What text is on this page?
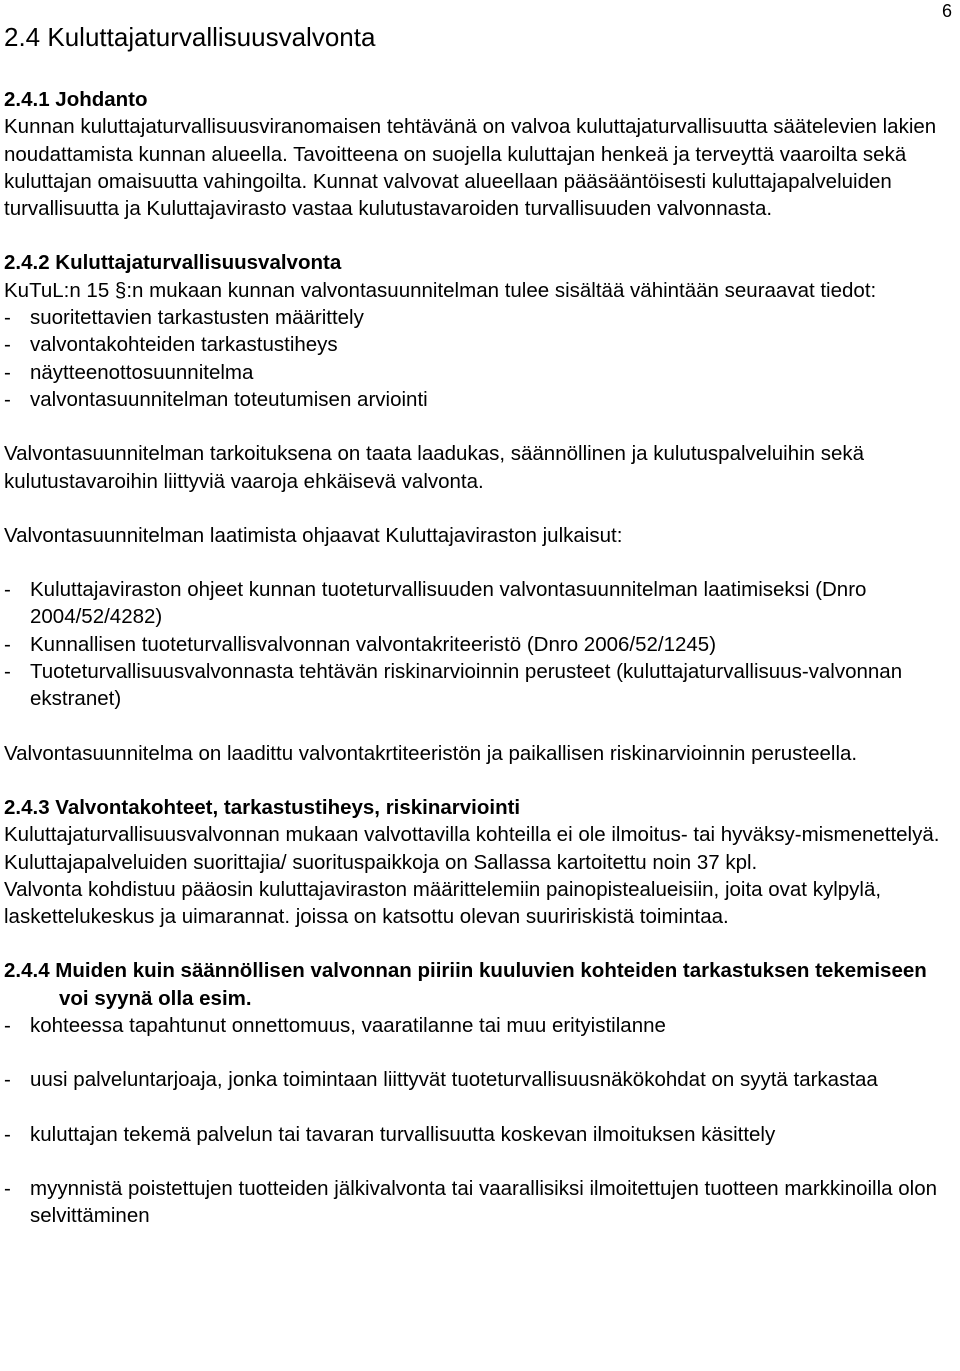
6
2.4 Kuluttajaturvallisuusvalvonta

2.4.1 Johdanto

Kunnan kuluttajaturvallisuusviranomaisen tehtävänä on valvoa kuluttajaturvallisuutta säätelevien lakien noudattamista kunnan alueella. Tavoitteena on suojella kuluttajan henkeä ja terveyttä vaaroilta sekä kuluttajan omaisuutta vahingoilta. Kunnat valvovat alueellaan pääsääntöisesti kuluttajapalveluiden turvallisuutta ja Kuluttajavirasto vastaa kulutustavaroiden turvallisuuden valvonnasta.

2.4.2 Kuluttajaturvallisuusvalvonta

KuTuL:n 15 §:n mukaan kunnan valvontasuunnitelman tulee sisältää vähintään seuraavat tiedot:

- suoritettavien tarkastusten määrittely
- valvontakohteiden tarkastustiheys
- näytteenottosuunnitelma
- valvontasuunnitelman toteutumisen arviointi

Valvontasuunnitelman tarkoituksena on taata laadukas, säännöllinen ja kulutuspalveluihin sekä kulutustavaroihin liittyviä vaaroja ehkäisevä valvonta.

Valvontasuunnitelman laatimista ohjaavat Kuluttajaviraston julkaisut:

- Kuluttajaviraston ohjeet kunnan tuoteturvallisuuden valvontasuunnitelman laatimiseksi (Dnro 2004/52/4282)
- Kunnallisen tuoteturvallisvalvonnan valvontakriteeristö (Dnro 2006/52/1245)
- Tuoteturvallisuusvalvonnasta tehtävän riskinarvioinnin perusteet (kuluttajaturvallisuus-valvonnan ekstranet)

Valvontasuunnitelma on laadittu valvontakrtiteeristön ja paikallisen riskinarvioinnin perusteella.

2.4.3 Valvontakohteet, tarkastustiheys, riskinarviointi

Kuluttajaturvallisuusvalvonnan mukaan valvottavilla kohteilla ei ole ilmoitus- tai hyväksy-mismenettelyä. Kuluttajapalveluiden suorittajia/ suorituspaikkoja on Sallassa kartoitettu noin 37 kpl.

Valvonta kohdistuu pääosin kuluttajaviraston määrittelemiin painopistealueisiin, joita ovat kylpylä, laskettelukeskus ja uimarannat. joissa on katsottu olevan suuririskistä toimintaa.

2.4.4 Muiden kuin säännöllisen valvonnan piiriin kuuluvien kohteiden tarkastuksen tekemiseen voi syynä olla esim.

- kohteessa tapahtunut onnettomuus, vaaratilanne tai muu erityistilanne
- uusi palveluntarjoaja, jonka toimintaan liittyvät tuoteturvallisuusnäkökohdat on syytä tarkastaa
- kuluttajan tekemä palvelun tai tavaran turvallisuutta koskevan ilmoituksen käsittely
- myynnistä poistettujen tuotteiden jälkivalvonta tai vaarallisiksi ilmoitettujen tuotteen markkinoilla olon selvittäminen
